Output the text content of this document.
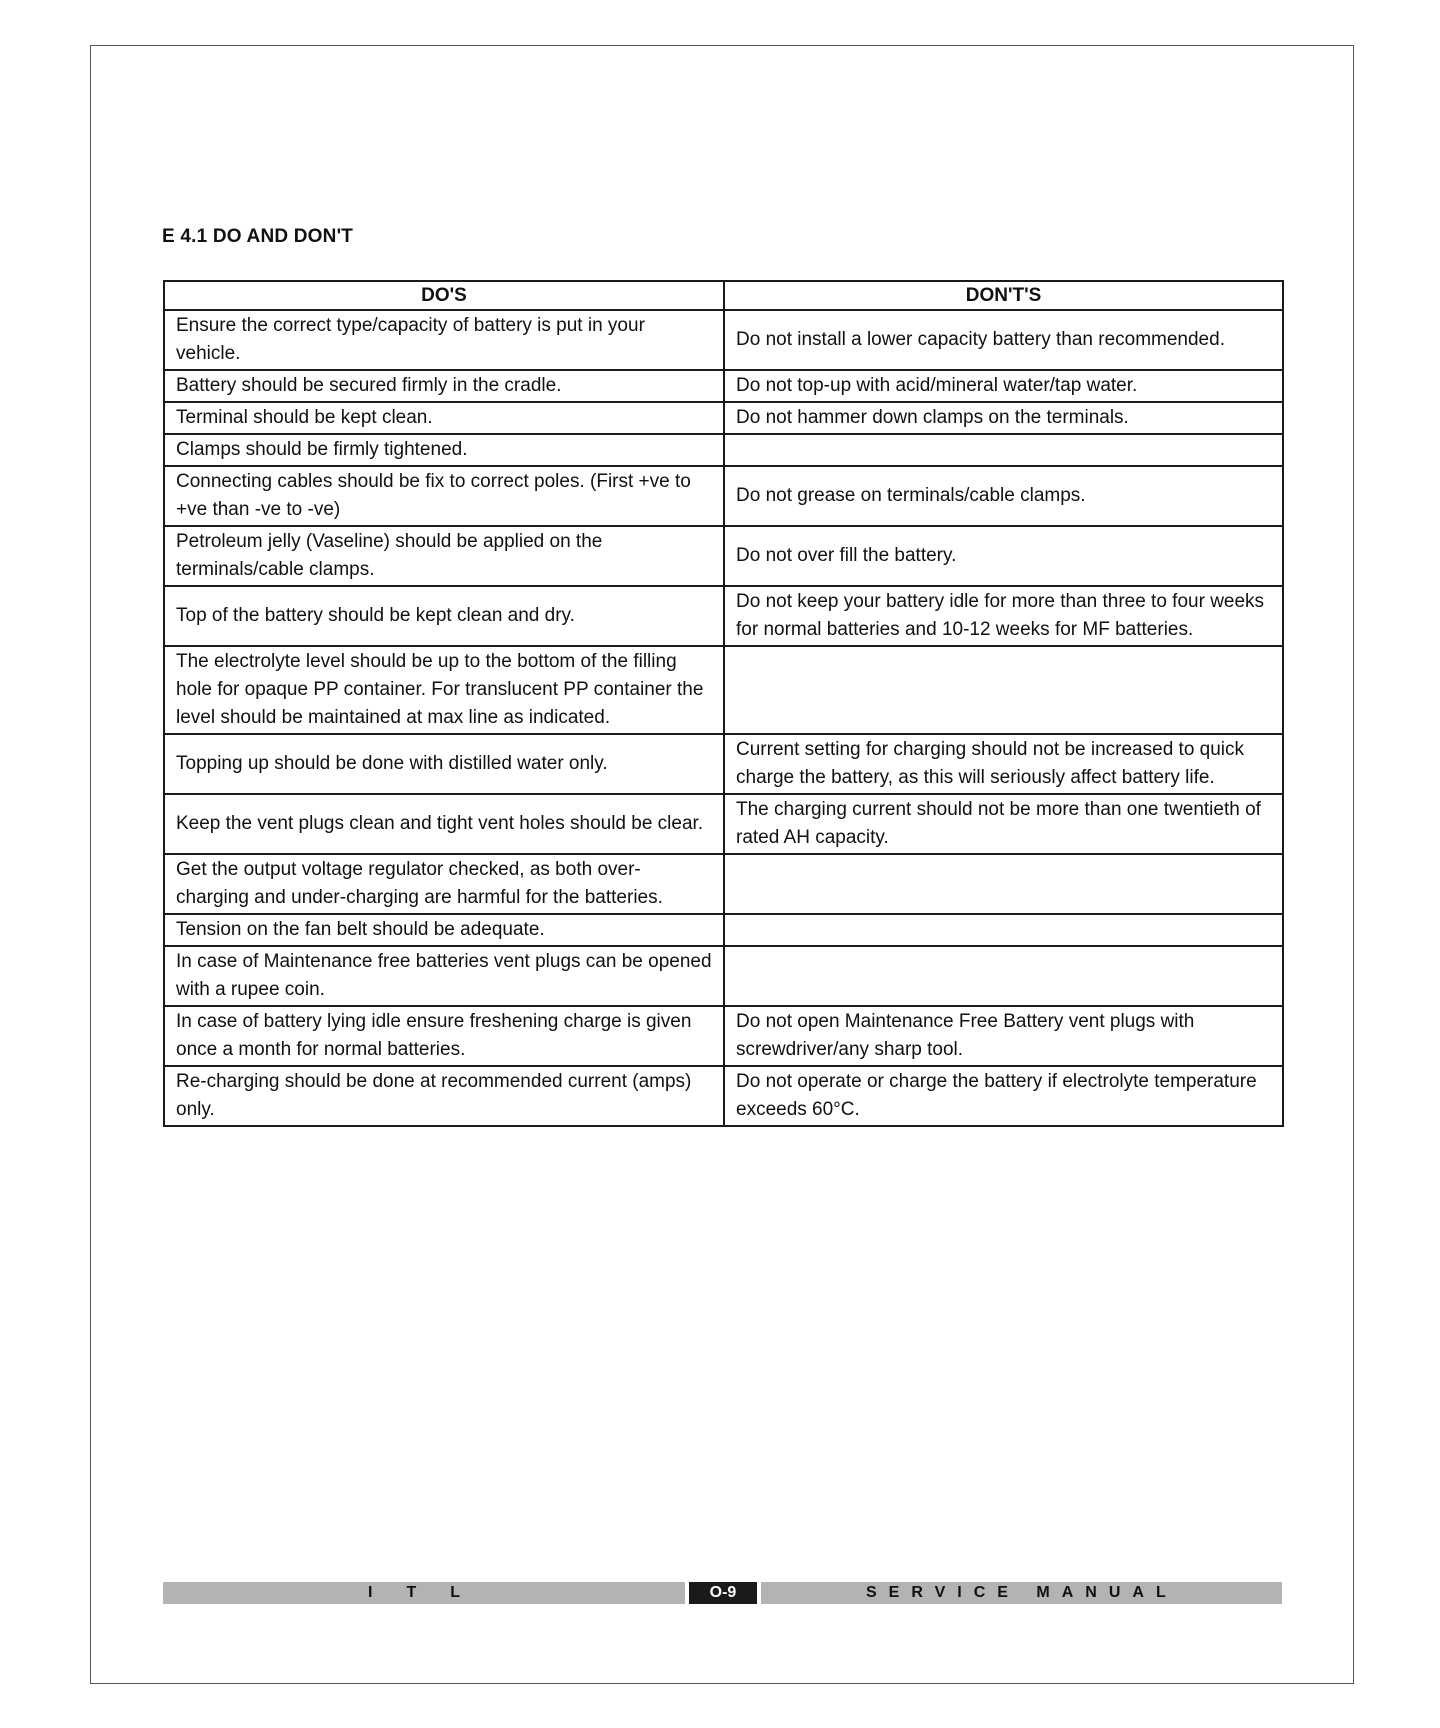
E 4.1 DO AND DON'T
DO'S	DON'T'S
Ensure the correct type/capacity of battery is put in your vehicle.	Do not install a lower capacity battery than recommended.
Battery should be secured firmly in the cradle.	Do not top-up with acid/mineral water/tap water.
Terminal should be kept clean.	Do not hammer down clamps on the terminals.
Clamps should be firmly tightened.	
Connecting cables should be fix to correct poles. (First +ve to +ve than -ve to -ve)	Do not grease on terminals/cable clamps.
Petroleum jelly (Vaseline) should be applied on the terminals/cable clamps.	Do not over fill the battery.
Top of the battery should be kept clean and dry.	Do not keep your battery idle for more than three to four weeks for normal batteries and 10-12 weeks for MF batteries.
The electrolyte level should be up to the bottom of the filling hole for opaque PP container. For translucent PP container the level should be maintained at max line as indicated.	
Topping up should be done with distilled water only.	Current setting for charging should not be increased to quick charge the battery, as this will seriously affect battery life.
Keep the vent plugs clean and tight vent holes should be clear.	The charging current should not be more than one twentieth of rated AH capacity.
Get the output voltage regulator checked, as both over-charging and under-charging are harmful for the batteries.	
Tension on the fan belt should be adequate.	
In case of Maintenance free batteries vent plugs can be opened with a rupee coin.	
In case of battery lying idle ensure freshening charge is given once a month for normal batteries.	Do not open Maintenance Free Battery vent plugs with screwdriver/any sharp tool.
Re-charging should be done at recommended current (amps) only.	Do not operate or charge the battery if electrolyte temperature exceeds 60°C.
ITL	O-9	SERVICE MANUAL
